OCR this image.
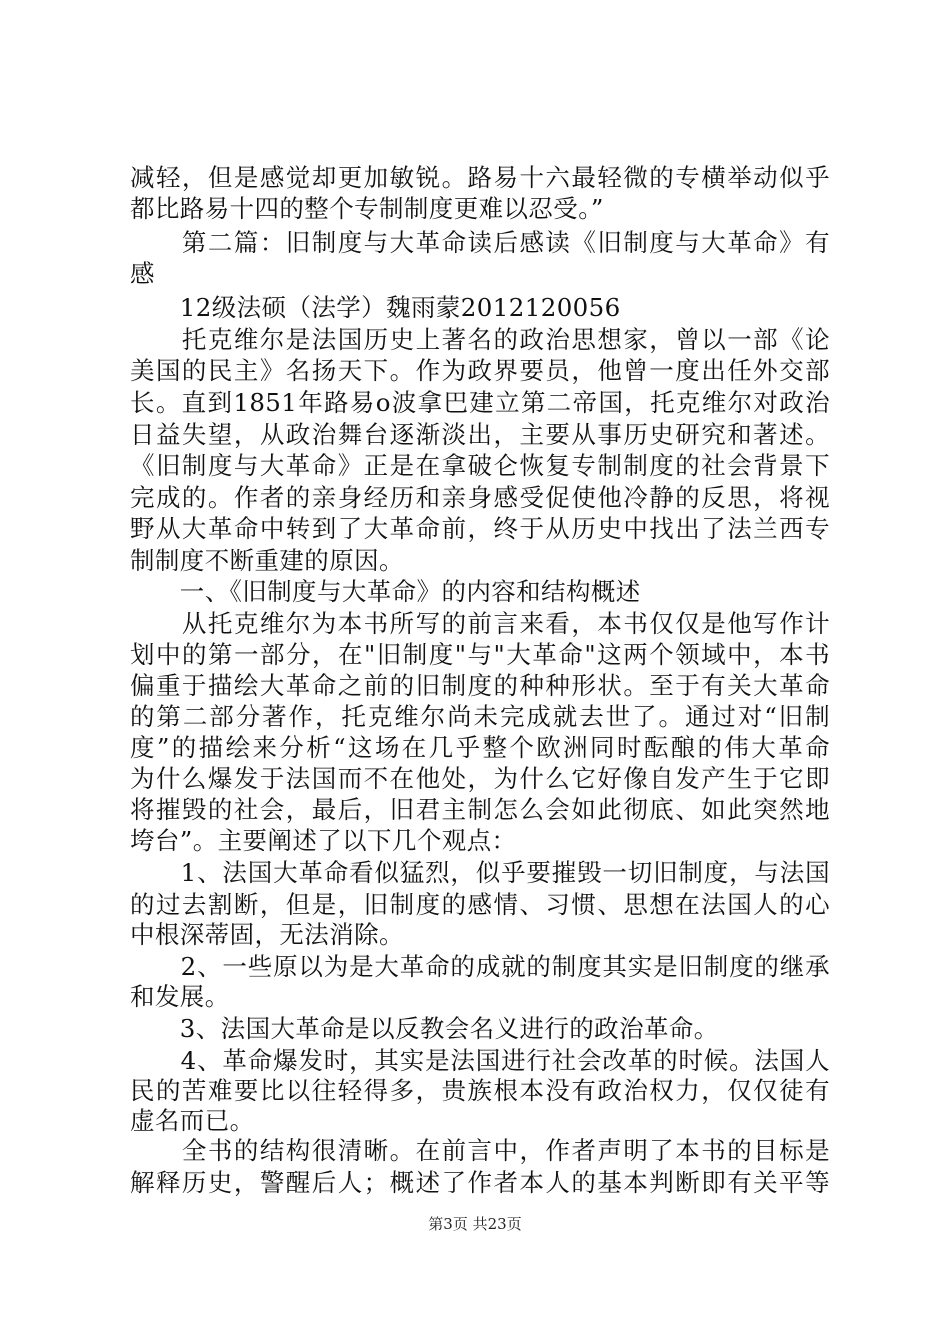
减轻，但是感觉却更加敏锐。路易十六最轻微的专横举动似乎
都比路易十四的整个专制制度更难以忍受。”
　　第二篇：旧制度与大革命读后感读《旧制度与大革命》有
感
　　12级法硕（法学）魏雨蒙2012120056
　　托克维尔是法国历史上著名的政治思想家，曾以一部《论
美国的民主》名扬天下。作为政界要员，他曾一度出任外交部
长。直到1851年路易o波拿巴建立第二帝国，托克维尔对政治
日益失望，从政治舞台逐渐淡出，主要从事历史研究和著述。
《旧制度与大革命》正是在拿破仑恢复专制制度的社会背景下
完成的。作者的亲身经历和亲身感受促使他冷静的反思，将视
野从大革命中转到了大革命前，终于从历史中找出了法兰西专
制制度不断重建的原因。
　　一、《旧制度与大革命》的内容和结构概述
　　从托克维尔为本书所写的前言来看，本书仅仅是他写作计
划中的第一部分，在"旧制度"与"大革命"这两个领域中，本书
偏重于描绘大革命之前的旧制度的种种形状。至于有关大革命
的第二部分著作，托克维尔尚未完成就去世了。通过对“旧制
度”的描绘来分析“这场在几乎整个欧洲同时酝酿的伟大革命
为什么爆发于法国而不在他处，为什么它好像自发产生于它即
将摧毁的社会，最后，旧君主制怎么会如此彻底、如此突然地
垮台”。主要阐述了以下几个观点：
　　1、法国大革命看似猛烈，似乎要摧毁一切旧制度，与法国
的过去割断，但是，旧制度的感情、习惯、思想在法国人的心
中根深蒂固，无法消除。
　　2、一些原以为是大革命的成就的制度其实是旧制度的继承
和发展。
　　3、法国大革命是以反教会名义进行的政治革命。
　　4、革命爆发时，其实是法国进行社会改革的时候。法国人
民的苦难要比以往轻得多，贵族根本没有政治权力，仅仅徒有
虚名而已。
　　全书的结构很清晰。在前言中，作者声明了本书的目标是
解释历史，警醒后人；概述了作者本人的基本判断即有关平等
第3页 共23页
